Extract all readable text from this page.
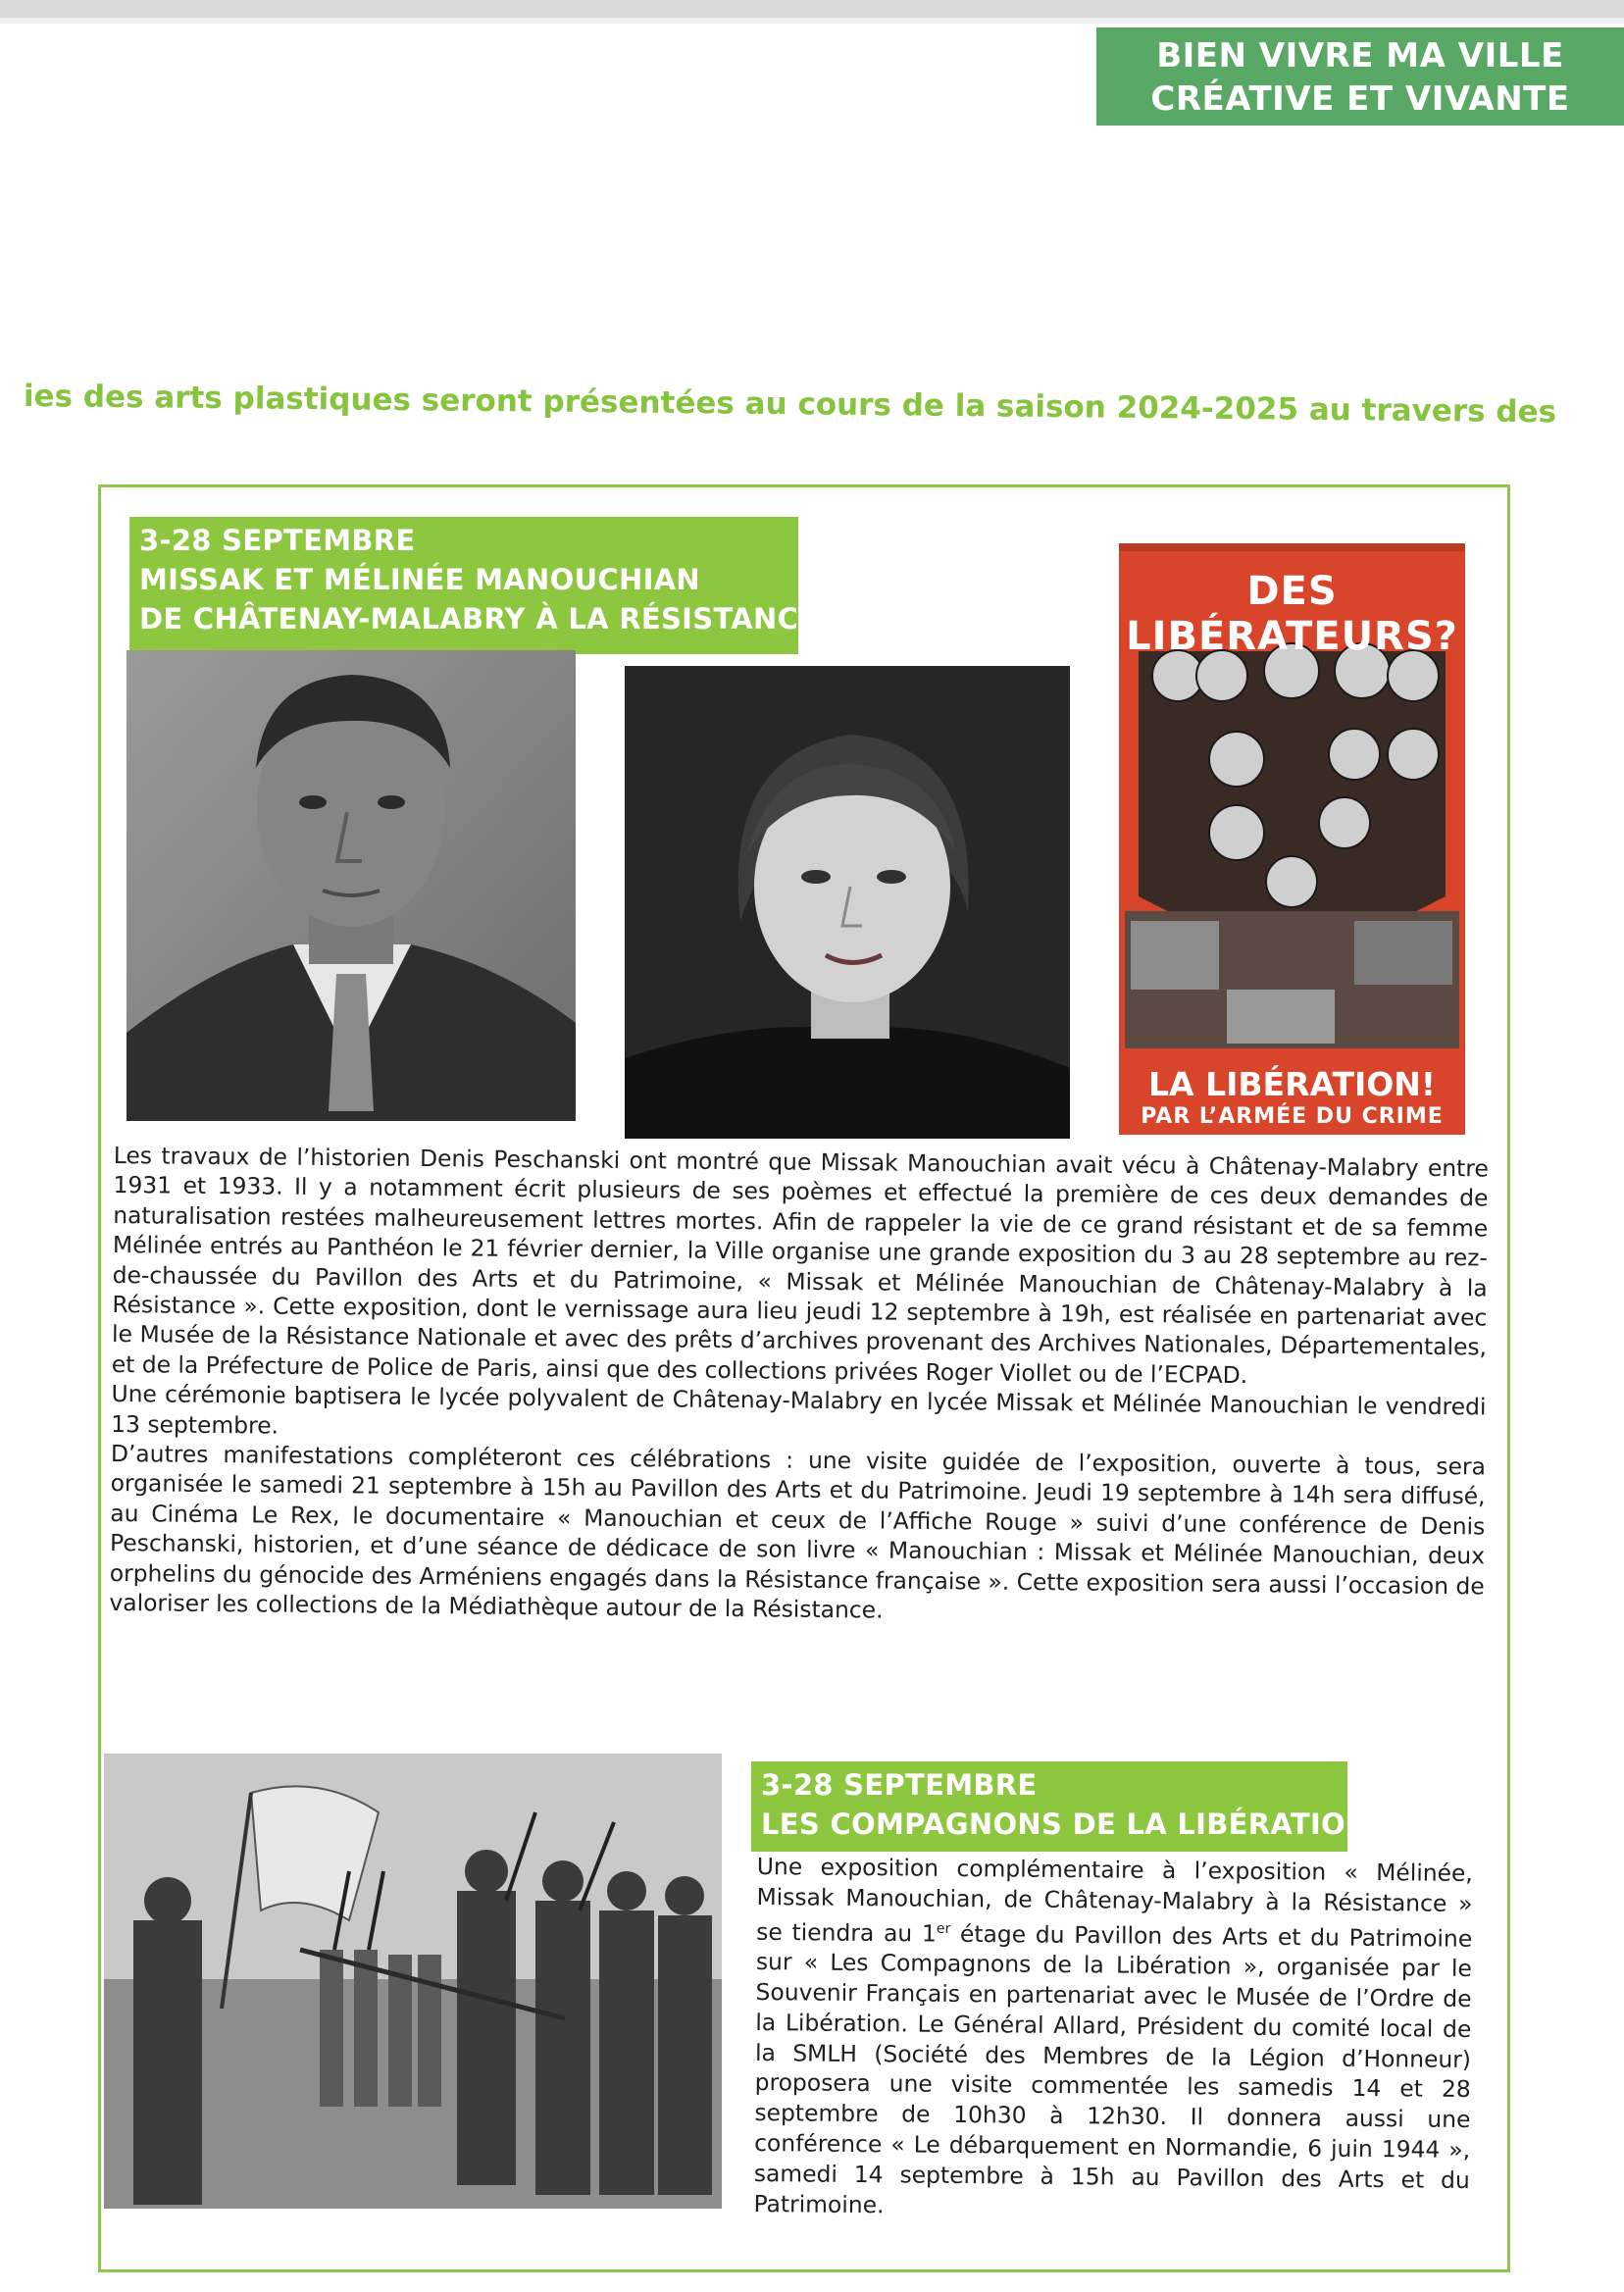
BIEN VIVRE MA VILLE
CRÉATIVE ET VIVANTE
ies des arts plastiques seront présentées au cours de la saison 2024-2025 au travers des
3-28 SEPTEMBRE
MISSAK ET MÉLINÉE MANOUCHIAN
DE CHÂTENAY-MALABRY À LA RÉSISTANCE
DES LIBÉRATEURS?
LA LIBÉRATION!
PAR L’ARMÉE DU CRIME

Les travaux de l’historien Denis Peschanski ont montré que Missak Manouchian avait vécu à Châtenay-Malabry entre 1931 et 1933. Il y a notamment écrit plusieurs de ses poèmes et effectué la première de ces deux demandes de naturalisation restées malheureusement lettres mortes. Afin de rappeler la vie de ce grand résistant et de sa femme Mélinée entrés au Panthéon le 21 février dernier, la Ville organise une grande exposition du 3 au 28 septembre au rez-de-chaussée du Pavillon des Arts et du Patrimoine, « Missak et Mélinée Manouchian de Châtenay-Malabry à la Résistance ». Cette exposition, dont le vernissage aura lieu jeudi 12 septembre à 19h, est réalisée en partenariat avec le Musée de la Résistance Nationale et avec des prêts d’archives provenant des Archives Nationales, Départementales, et de la Préfecture de Police de Paris, ainsi que des collections privées Roger Viollet ou de l’ECPAD.

Une cérémonie baptisera le lycée polyvalent de Châtenay-Malabry en lycée Missak et Mélinée Manouchian le vendredi 13 septembre.

D’autres manifestations compléteront ces célébrations : une visite guidée de l’exposition, ouverte à tous, sera organisée le samedi 21 septembre à 15h au Pavillon des Arts et du Patrimoine. Jeudi 19 septembre à 14h sera diffusé, au Cinéma Le Rex, le documentaire « Manouchian et ceux de l’Affiche Rouge » suivi d’une conférence de Denis Peschanski, historien, et d’une séance de dédicace de son livre « Manouchian : Missak et Mélinée Manouchian, deux orphelins du génocide des Arméniens engagés dans la Résistance française ». Cette exposition sera aussi l’occasion de valoriser les collections de la Médiathèque autour de la Résistance.

3-28 SEPTEMBRE
LES COMPAGNONS DE LA LIBÉRATION
Une exposition complémentaire à l’exposition « Mélinée, Missak Manouchian, de Châtenay-Malabry à la Résistance » se tiendra au 1er étage du Pavillon des Arts et du Patrimoine sur « Les Compagnons de la Libération », organisée par le Souvenir Français en partenariat avec le Musée de l’Ordre de la Libération. Le Général Allard, Président du comité local de la SMLH (Société des Membres de la Légion d’Honneur) proposera une visite commentée les samedis 14 et 28 septembre de 10h30 à 12h30. Il donnera aussi une conférence « Le débarquement en Normandie, 6 juin 1944 », samedi 14 septembre à 15h au Pavillon des Arts et du Patrimoine.
